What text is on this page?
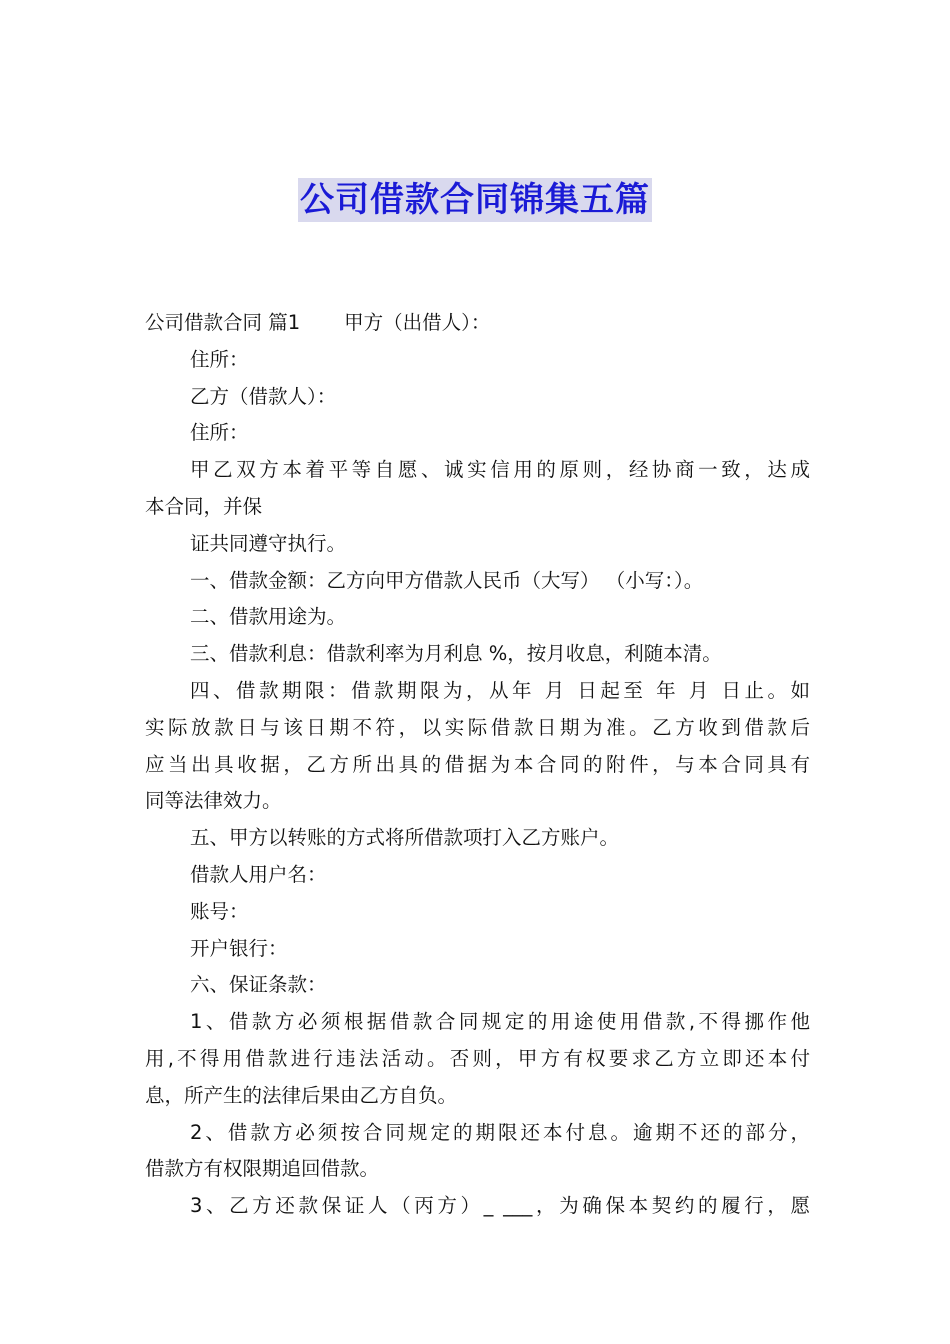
公司借款合同锦集五篇

公司借款合同 篇1 甲方（出借人）：

住所：

乙方（借款人）：

住所：

甲乙双方本着平等自愿、诚实信用的原则，经协商一致，达成

本合同，并保

证共同遵守执行。

一、借款金额：乙方向甲方借款人民币（大写） （小写：）。

二、借款用途为。

三、借款利息：借款利率为月利息 %，按月收息，利随本清。

四、借款期限：借款期限为，从年 月 日起至 年 月 日止。如

实际放款日与该日期不符，以实际借款日期为准。乙方收到借款后

应当出具收据，乙方所出具的借据为本合同的附件，与本合同具有

同等法律效力。

五、甲方以转账的方式将所借款项打入乙方账户。

借款人用户名：

账号：

开户银行：

六、保证条款：

1、借款方必须根据借款合同规定的用途使用借款,不得挪作他

用,不得用借款进行违法活动。否则，甲方有权要求乙方立即还本付

息，所产生的法律后果由乙方自负。

2、借款方必须按合同规定的期限还本付息。逾期不还的部分，

借款方有权限期追回借款。

3、乙方还款保证人（丙方）_ ___，为确保本契约的履行，愿
